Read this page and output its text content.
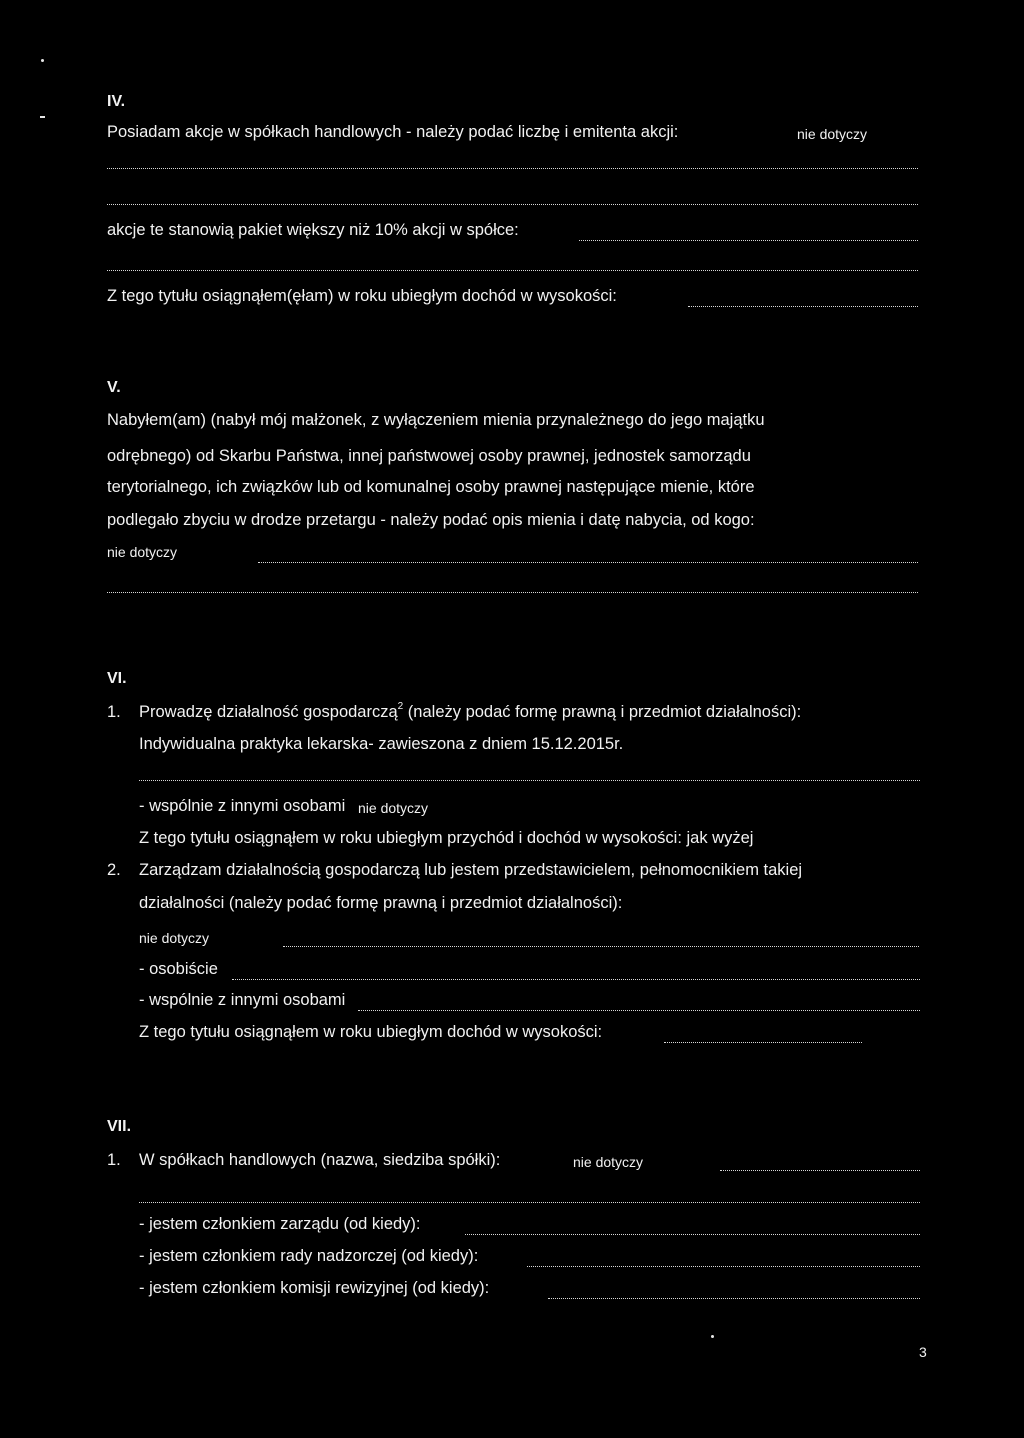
IV.
Posiadam akcje w spółkach handlowych - należy podać liczbę i emitenta akcji:	nie dotyczy
akcje te stanowią pakiet większy niż 10% akcji w spółce:
Z tego tytułu osiągnąłem(ęłam) w roku ubiegłym dochód w wysokości:
V.
Nabyłem(am) (nabył mój małżonek, z wyłączeniem mienia przynależnego do jego majątku
odrębnego) od Skarbu Państwa, innej państwowej osoby prawnej, jednostek samorządu
terytorialnego, ich związków lub od komunalnej osoby prawnej następujące mienie, które
podlegało zbyciu w drodze przetargu - należy podać opis mienia i datę nabycia, od kogo:
nie dotyczy
VI.
1. Prowadzę działalność gospodarczą$^2$ (należy podać formę prawną i przedmiot działalności):
Indywidualna praktyka lekarska- zawieszona z dniem 15.12.2015r.
- wspólnie z innymi osobami nie dotyczy
Z tego tytułu osiągnąłem w roku ubiegłym przychód i dochód w wysokości: jak wyżej
2. Zarządzam działalnością gospodarczą lub jestem przedstawicielem, pełnomocnikiem takiej
działalności (należy podać formę prawną i przedmiot działalności):
nie dotyczy
- osobiście
- wspólnie z innymi osobami
Z tego tytułu osiągnąłem w roku ubiegłym dochód w wysokości:
VII.
1. W spółkach handlowych (nazwa, siedziba spółki):	nie dotyczy
- jestem członkiem zarządu (od kiedy):
- jestem członkiem rady nadzorczej (od kiedy):
- jestem członkiem komisji rewizyjnej (od kiedy):
3
